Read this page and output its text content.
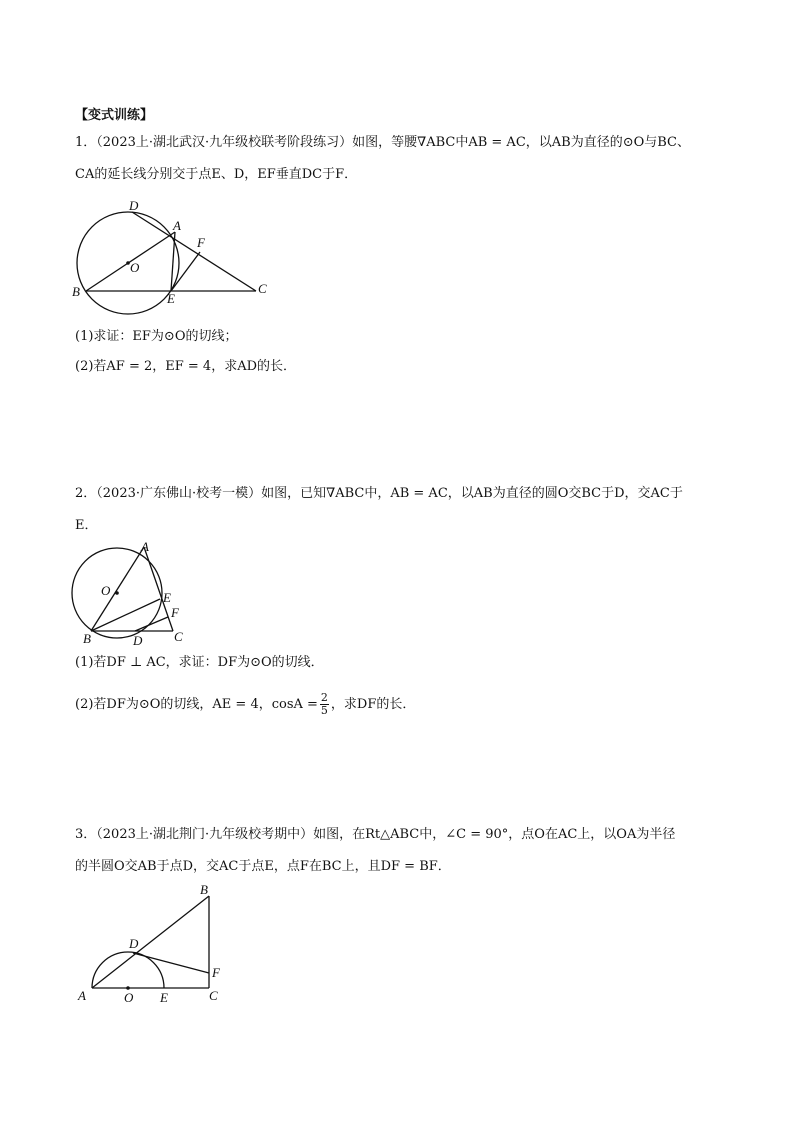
【变式训练】
1．（2023上·湖北武汉·九年级校联考阶段练习）如图，等腰∇ABC中AB = AC，以AB为直径的⊙O与BC、
CA的延长线分别交于点E、D，EF垂直DC于F．
D
A
F
O
B	E
C
(1)求证：EF为⊙O的切线；
(2)若AF = 2，EF = 4，求AD的长．
2．（2023·广东佛山·校考一模）如图，已知∇ABC中，AB = AC，以AB为直径的圆O交BC于D，交AC于
E．
A
O	E
F
B	D C
(1)若DF ⊥ AC，求证：DF为⊙O的切线．
(2)若DF为⊙O的切线，AE = 4，$\cos A = \frac{2}{5}$ ，求DF的长．
3．（2023上·湖北荆门·九年级校考期中）如图，在Rt△ABC中，∠C = 90°，点O在AC上，以OA为半径
的半圆O交AB于点D，交AC于点E，点F在BC上，且DF = BF．
B
D
F
A	O E	C
